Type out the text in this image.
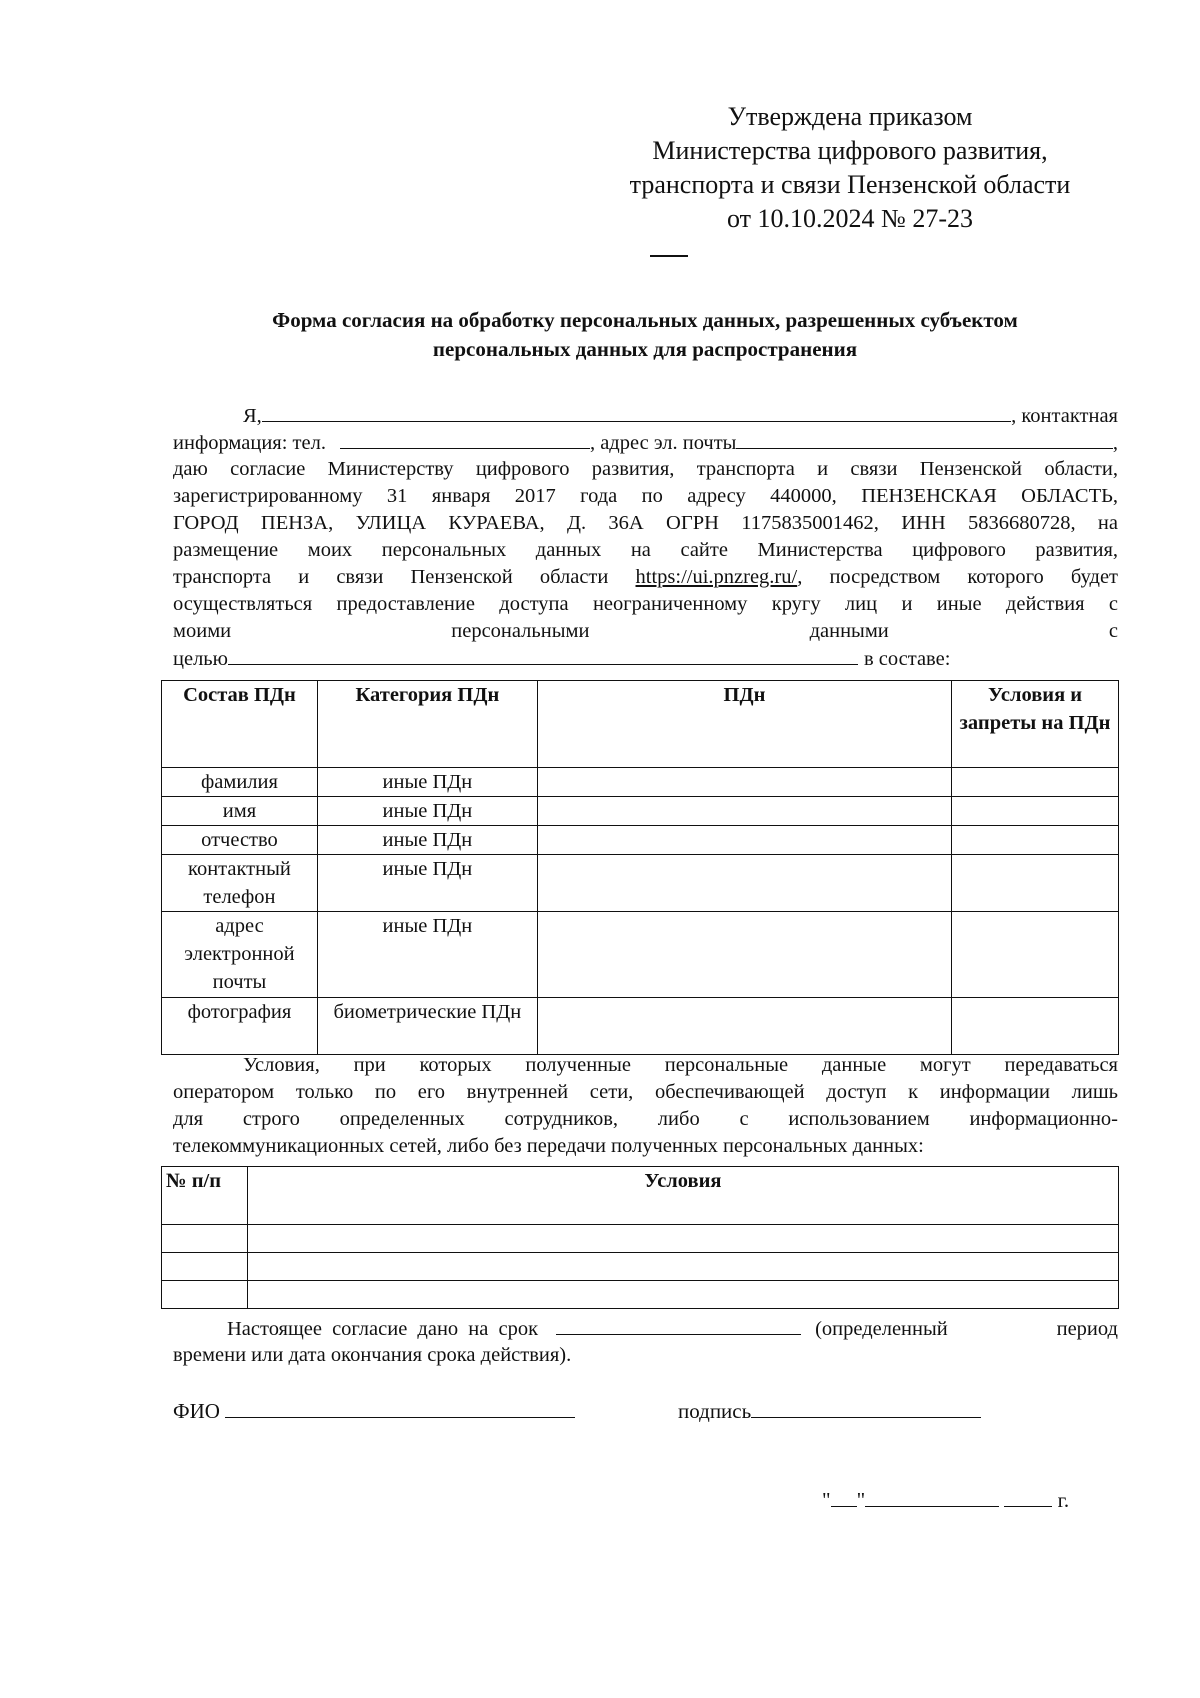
Утверждена приказом
Министерства цифрового развития,
транспорта и связи Пензенской области
от 10.10.2024 № 27-23
Форма согласия на обработку персональных данных, разрешенных субъектом
персональных данных для распространения
Я,	, контактная
информация: тел.	, адрес эл. почты	,
даю согласие Министерству цифрового развития, транспорта и связи Пензенской области,
зарегистрированному 31 января 2017 года по адресу 440000, ПЕНЗЕНСКАЯ ОБЛАСТЬ,
ГОРОД ПЕНЗА, УЛИЦА КУРАЕВА, Д. 36А ОГРН 1175835001462, ИНН 5836680728, на
размещение моих персональных данных на сайте Министерства цифрового развития,
транспорта и связи Пензенской области https://ui.pnzreg.ru/, посредством которого будет
осуществляться предоставление доступа неограниченному кругу лиц и иные действия с
моими персональными данными с
целью	в составе:
Состав ПДн	Категория ПДн	ПДн	Условия и запреты на ПДн
фамилия	иные ПДн		
имя	иные ПДн		
отчество	иные ПДн		
контактный телефон	иные ПДн		
адрес электронной почты	иные ПДн		
фотография	биометрические ПДн		
Условия, при которых полученные персональные данные могут передаваться
оператором только по его внутренней сети, обеспечивающей доступ к информации лишь
для строго определенных сотрудников, либо с использованием информационно-
телекоммуникационных сетей, либо без передачи полученных персональных данных:
№ п/п	Условия

Настоящее согласие дано на срок	(определенный период
времени или дата окончания срока действия).
ФИО	подпись
" "	г.
